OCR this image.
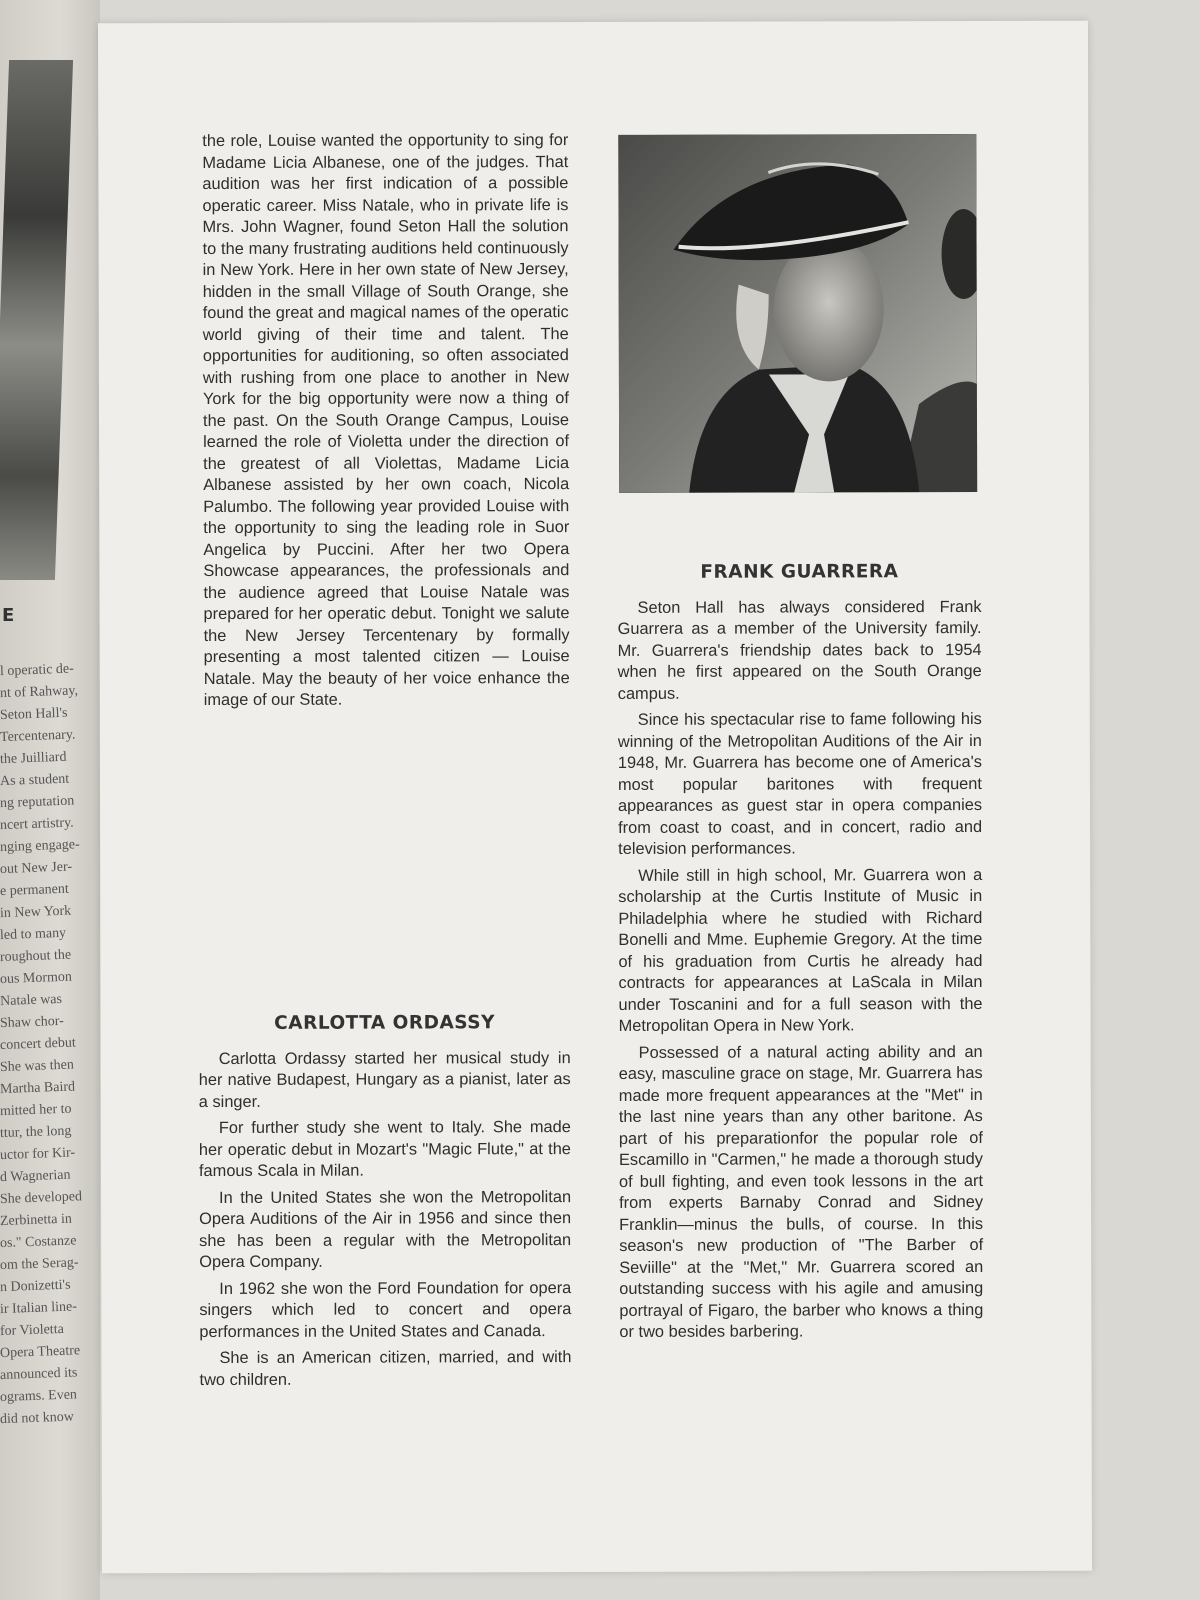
E
l operatic de-
nt of Rahway,
Seton Hall's
Tercentenary.
the Juilliard
As a student
ng reputation
ncert artistry.
nging engage-
out New Jer-
e permanent
in New York
led to many
roughout the
ous Mormon
Natale was
Shaw chor-
concert debut
She was then
Martha Baird
mitted her to
ttur, the long
uctor for Kir-
d Wagnerian
She developed
Zerbinetta in
os." Costanze
om the Serag-
n Donizetti's
ir Italian line-
for Violetta
Opera Theatre
announced its
ograms. Even
did not know

the role, Louise wanted the opportunity to sing for Madame Licia Albanese, one of the judges. That audition was her first indication of a possible operatic career. Miss Natale, who in private life is Mrs. John Wagner, found Seton Hall the solution to the many frustrating auditions held continuously in New York. Here in her own state of New Jersey, hidden in the small Village of South Orange, she found the great and magical names of the operatic world giving of their time and talent. The opportunities for auditioning, so often associated with rushing from one place to another in New York for the big opportunity were now a thing of the past. On the South Orange Campus, Louise learned the role of Violetta under the direction of the greatest of all Violettas, Madame Licia Albanese assisted by her own coach, Nicola Palumbo. The following year provided Louise with the opportunity to sing the leading role in Suor Angelica by Puccini. After her two Opera Showcase appearances, the professionals and the audience agreed that Louise Natale was prepared for her operatic debut. Tonight we salute the New Jersey Tercentenary by formally presenting a most talented citizen — Louise Natale. May the beauty of her voice enhance the image of our State.

CARLOTTA ORDASSY

Carlotta Ordassy started her musical study in her native Budapest, Hungary as a pianist, later as a singer.

For further study she went to Italy. She made her operatic debut in Mozart's "Magic Flute," at the famous Scala in Milan.

In the United States she won the Metropolitan Opera Auditions of the Air in 1956 and since then she has been a regular with the Metropolitan Opera Company.

In 1962 she won the Ford Foundation for opera singers which led to concert and opera performances in the United States and Canada.

She is an American citizen, married, and with two children.

FRANK GUARRERA

Seton Hall has always considered Frank Guarrera as a member of the University family. Mr. Guarrera's friendship dates back to 1954 when he first appeared on the South Orange campus.

Since his spectacular rise to fame following his winning of the Metropolitan Auditions of the Air in 1948, Mr. Guarrera has become one of America's most popular baritones with frequent appearances as guest star in opera companies from coast to coast, and in concert, radio and television performances.

While still in high school, Mr. Guarrera won a scholarship at the Curtis Institute of Music in Philadelphia where he studied with Richard Bonelli and Mme. Euphemie Gregory. At the time of his graduation from Curtis he already had contracts for appearances at LaScala in Milan under Toscanini and for a full season with the Metropolitan Opera in New York.

Possessed of a natural acting ability and an easy, masculine grace on stage, Mr. Guarrera has made more frequent appearances at the "Met" in the last nine years than any other baritone. As part of his preparationfor the popular role of Escamillo in "Carmen," he made a thorough study of bull fighting, and even took lessons in the art from experts Barnaby Conrad and Sidney Franklin—minus the bulls, of course. In this season's new production of "The Barber of Seviille" at the "Met," Mr. Guarrera scored an outstanding success with his agile and amusing portrayal of Figaro, the barber who knows a thing or two besides barbering.
